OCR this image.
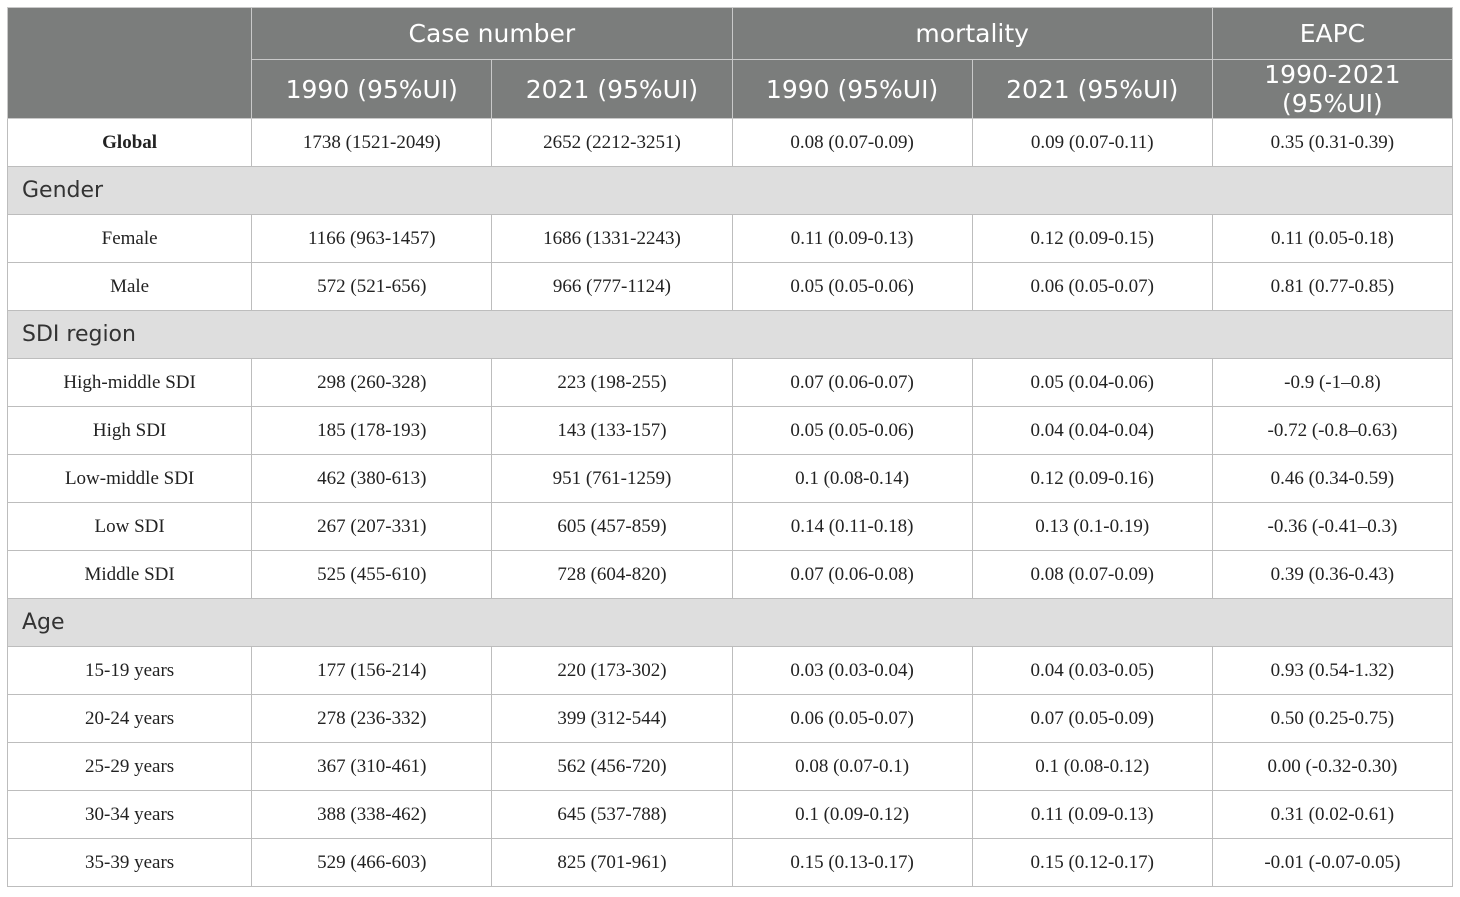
	Case number		mortality		EAPC
	1990 (95%UI)	2021 (95%UI)	1990 (95%UI)	2021 (95%UI)	1990-2021 (95%UI)
Global	1738 (1521-2049)	2652 (2212-3251)	0.08 (0.07-0.09)	0.09 (0.07-0.11)	0.35 (0.31-0.39)
Gender					
Female	1166 (963-1457)	1686 (1331-2243)	0.11 (0.09-0.13)	0.12 (0.09-0.15)	0.11 (0.05-0.18)
Male	572 (521-656)	966 (777-1124)	0.05 (0.05-0.06)	0.06 (0.05-0.07)	0.81 (0.77-0.85)
SDI region					
High-middle SDI	298 (260-328)	223 (198-255)	0.07 (0.06-0.07)	0.05 (0.04-0.06)	-0.9 (-1–0.8)
High SDI	185 (178-193)	143 (133-157)	0.05 (0.05-0.06)	0.04 (0.04-0.04)	-0.72 (-0.8–0.63)
Low-middle SDI	462 (380-613)	951 (761-1259)	0.1 (0.08-0.14)	0.12 (0.09-0.16)	0.46 (0.34-0.59)
Low SDI	267 (207-331)	605 (457-859)	0.14 (0.11-0.18)	0.13 (0.1-0.19)	-0.36 (-0.41–0.3)
Middle SDI	525 (455-610)	728 (604-820)	0.07 (0.06-0.08)	0.08 (0.07-0.09)	0.39 (0.36-0.43)
Age					
15-19 years	177 (156-214)	220 (173-302)	0.03 (0.03-0.04)	0.04 (0.03-0.05)	0.93 (0.54-1.32)
20-24 years	278 (236-332)	399 (312-544)	0.06 (0.05-0.07)	0.07 (0.05-0.09)	0.50 (0.25-0.75)
25-29 years	367 (310-461)	562 (456-720)	0.08 (0.07-0.1)	0.1 (0.08-0.12)	0.00 (-0.32-0.30)
30-34 years	388 (338-462)	645 (537-788)	0.1 (0.09-0.12)	0.11 (0.09-0.13)	0.31 (0.02-0.61)
35-39 years	529 (466-603)	825 (701-961)	0.15 (0.13-0.17)	0.15 (0.12-0.17)	-0.01 (-0.07-0.05)
